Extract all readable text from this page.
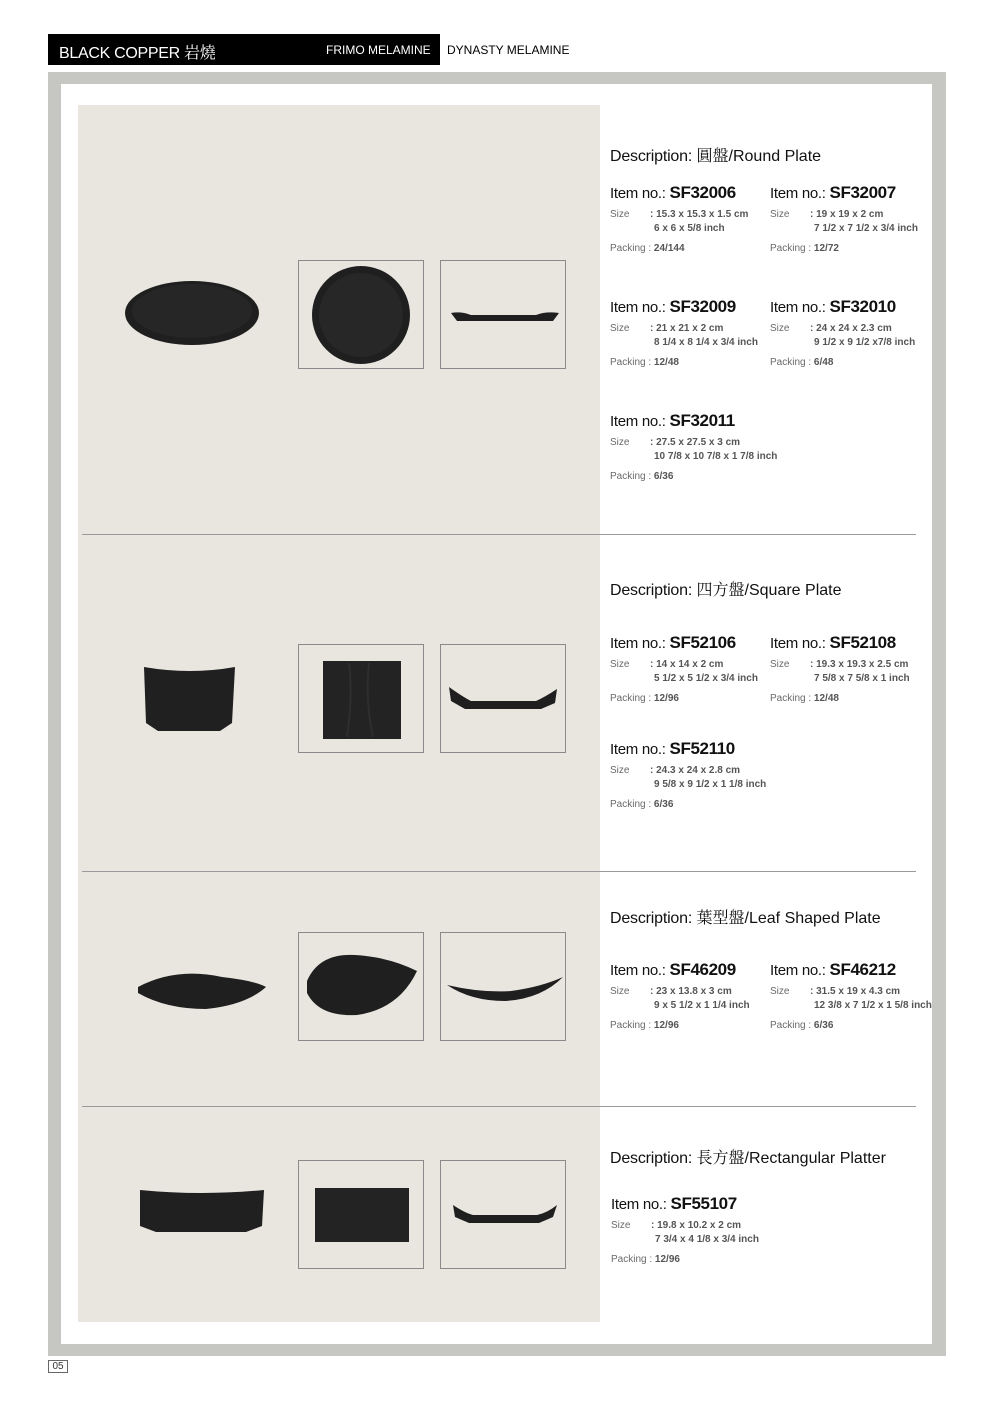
BLACK COPPER 岩燒	FRIMO MELAMINE DYNASTY MELAMINE
Description: 圓盤/Round Plate
Item no.: SF32006
Size : 15.3 x 15.3 x 1.5 cm
6 x 6 x 5/8 inch
Packing : 24/144
Item no.: SF32007
Size : 19 x 19 x 2 cm
7 1/2 x 7 1/2 x 3/4 inch
Packing : 12/72
Item no.: SF32009
Size : 21 x 21 x 2 cm
8 1/4 x 8 1/4 x 3/4 inch
Packing : 12/48
Item no.: SF32010
Size : 24 x 24 x 2.3 cm
9 1/2 x 9 1/2 x7/8 inch
Packing : 6/48
Item no.: SF32011
Size : 27.5 x 27.5 x 3 cm
10 7/8 x 10 7/8 x 1 7/8 inch
Packing : 6/36
Description: 四方盤/Square Plate
Item no.: SF52106
Size : 14 x 14 x 2 cm
5 1/2 x 5 1/2 x 3/4 inch
Packing : 12/96
Item no.: SF52108
Size : 19.3 x 19.3 x 2.5 cm
7 5/8 x 7 5/8 x 1 inch
Packing : 12/48
Item no.: SF52110
Size : 24.3 x 24 x 2.8 cm
9 5/8 x 9 1/2 x 1 1/8 inch
Packing : 6/36
Description: 葉型盤/Leaf Shaped Plate
Item no.: SF46209
Size : 23 x 13.8 x 3 cm
9 x 5 1/2 x 1 1/4 inch
Packing : 12/96
Item no.: SF46212
Size : 31.5 x 19 x 4.3 cm
12 3/8 x 7 1/2 x 1 5/8 inch
Packing : 6/36
Description: 長方盤/Rectangular Platter
Item no.: SF55107
Size : 19.8 x 10.2 x 2 cm
7 3/4 x 4 1/8 x 3/4 inch
Packing : 12/96
05
